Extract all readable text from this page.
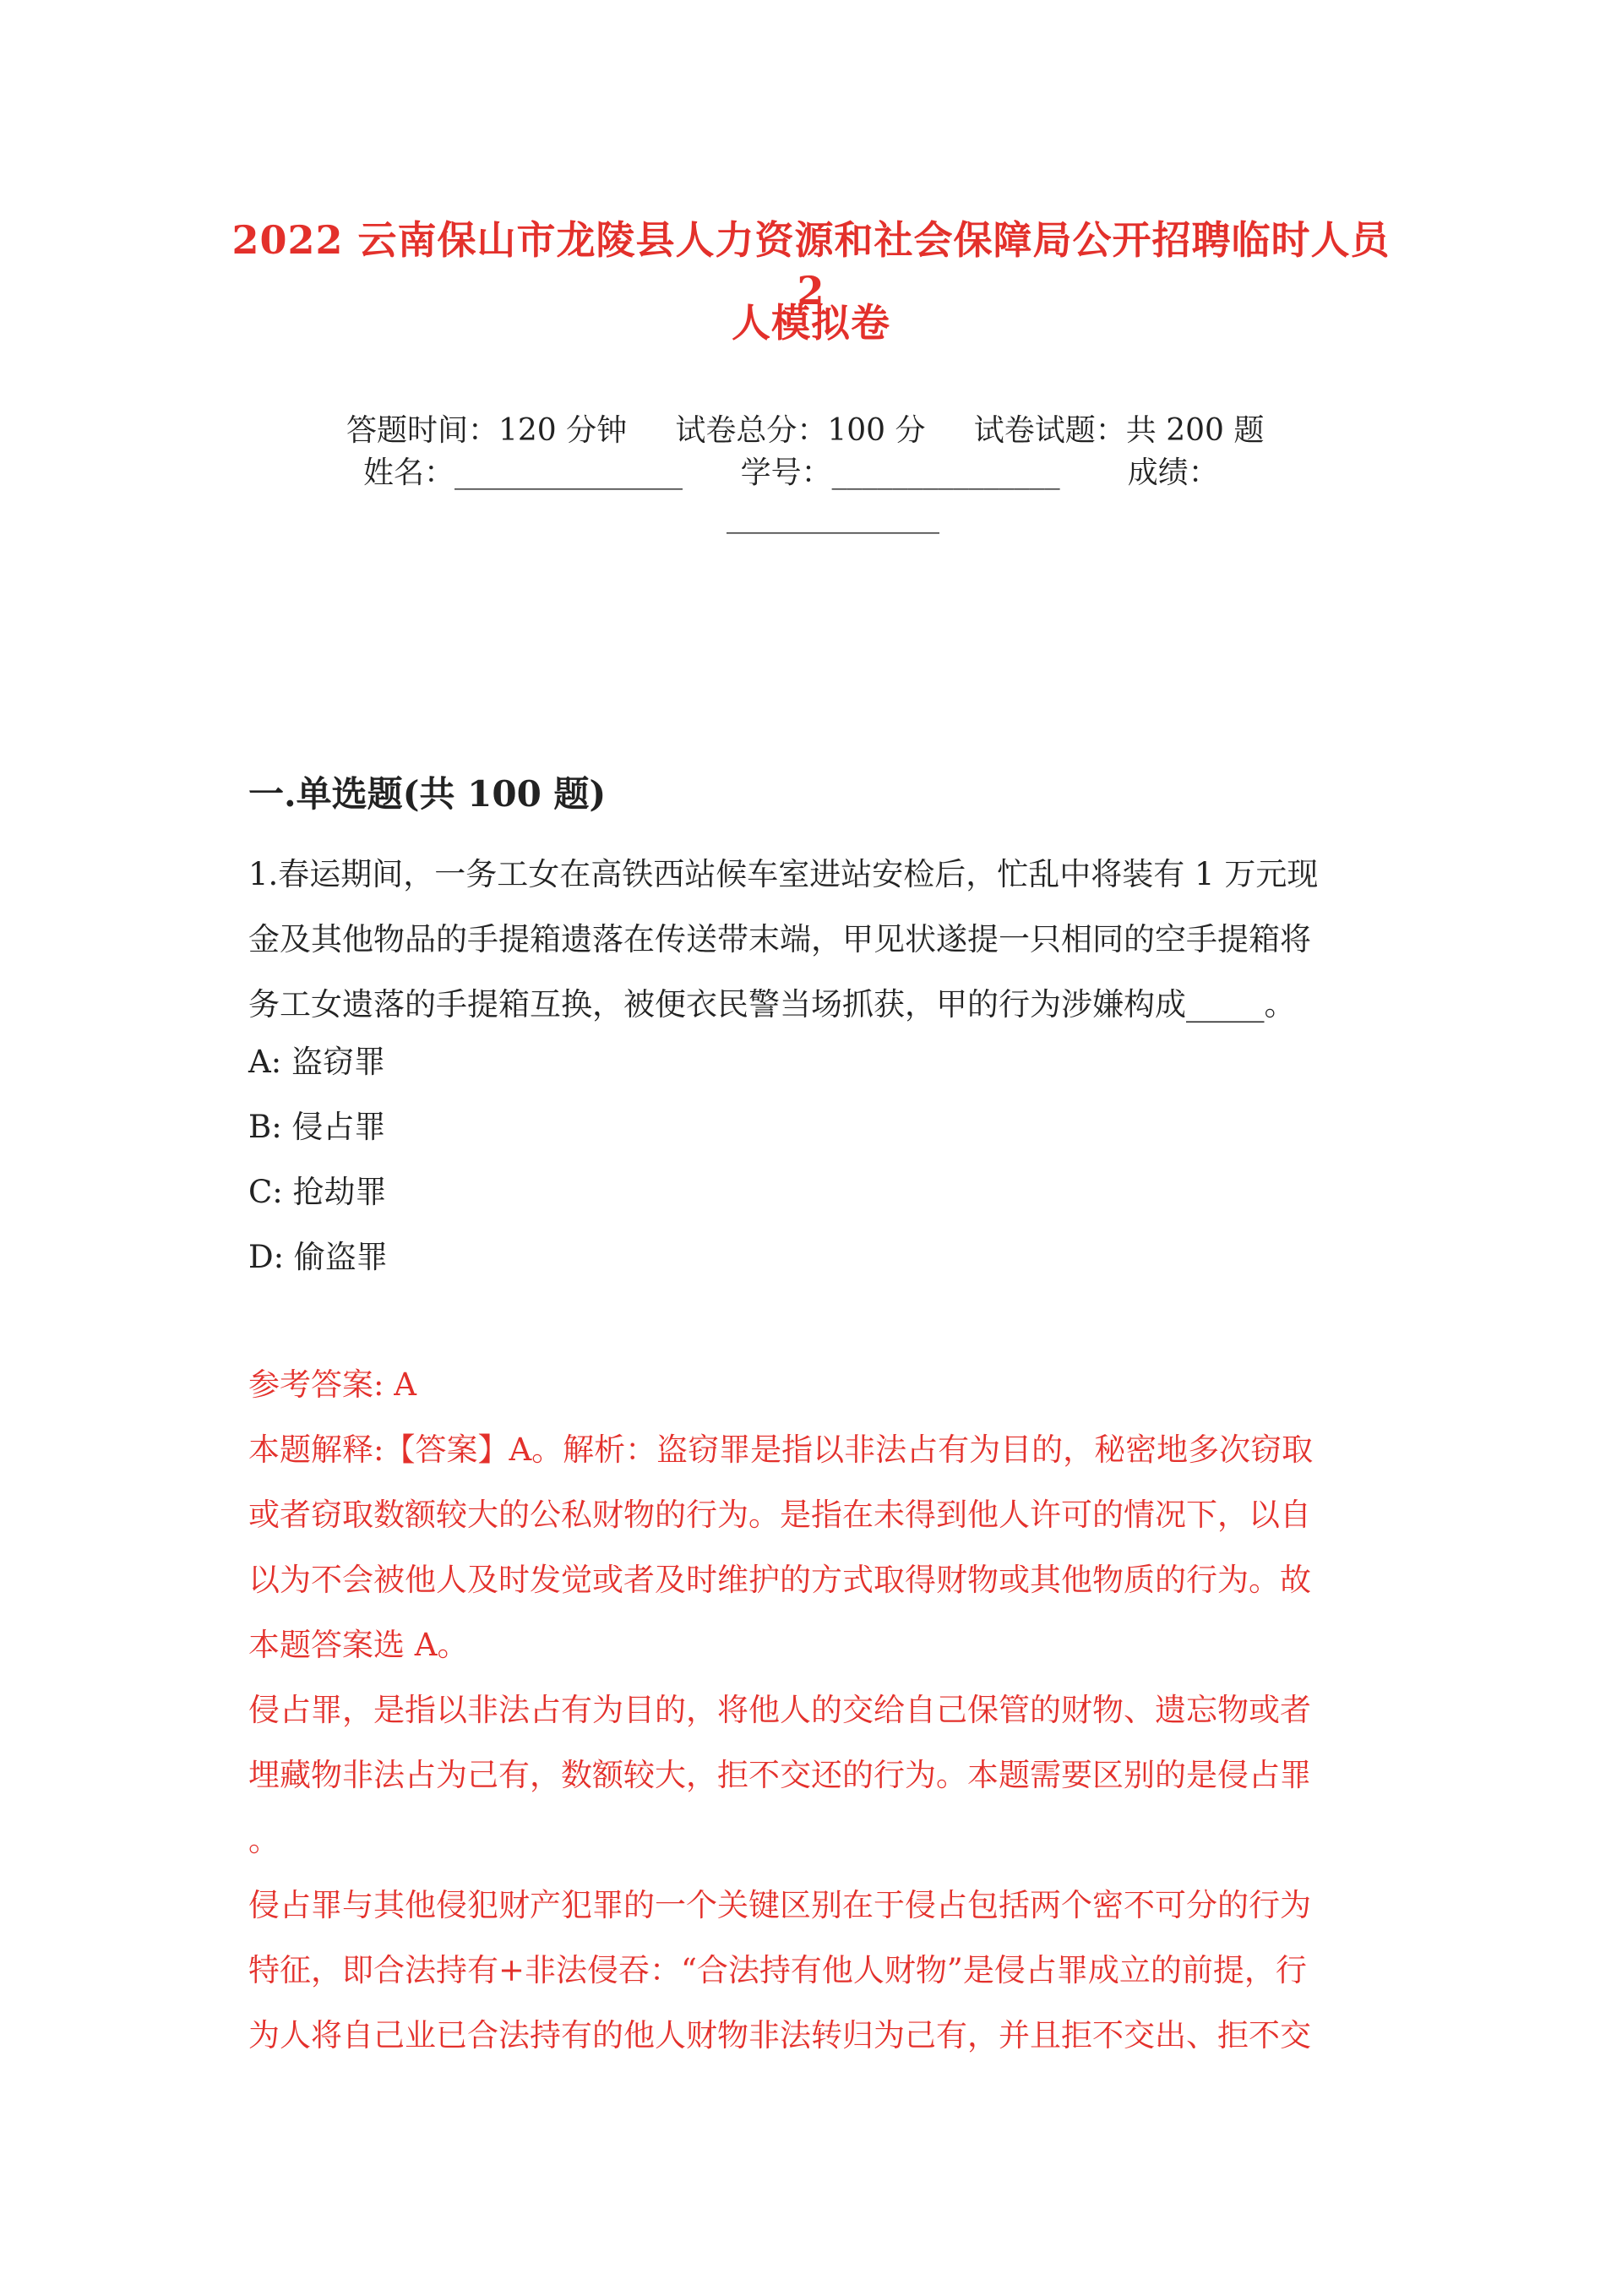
2022 云南保山市龙陵县人力资源和社会保障局公开招聘临时人员 2
人模拟卷
答题时间：120 分钟     试卷总分：100 分     试卷试题：共 200 题
姓名：_______________      学号：_______________       成绩：
______________
一.单选题(共 100 题)

1.春运期间，一务工女在高铁西站候车室进站安检后，忙乱中将装有 1 万元现

金及其他物品的手提箱遗落在传送带末端，甲见状遂提一只相同的空手提箱将

务工女遗落的手提箱互换，被便衣民警当场抓获，甲的行为涉嫌构成_____。

A: 盗窃罪
B: 侵占罪
C: 抢劫罪
D: 偷盗罪

参考答案: A

本题解释:【答案】A。解析：盗窃罪是指以非法占有为目的，秘密地多次窃取

或者窃取数额较大的公私财物的行为。是指在未得到他人许可的情况下，以自

以为不会被他人及时发觉或者及时维护的方式取得财物或其他物质的行为。故

本题答案选 A。

侵占罪，是指以非法占有为目的，将他人的交给自己保管的财物、遗忘物或者

埋藏物非法占为己有，数额较大，拒不交还的行为。本题需要区别的是侵占罪

。

侵占罪与其他侵犯财产犯罪的一个关键区别在于侵占包括两个密不可分的行为

特征，即合法持有+非法侵吞：“合法持有他人财物”是侵占罪成立的前提，行

为人将自己业已合法持有的他人财物非法转归为己有，并且拒不交出、拒不交
